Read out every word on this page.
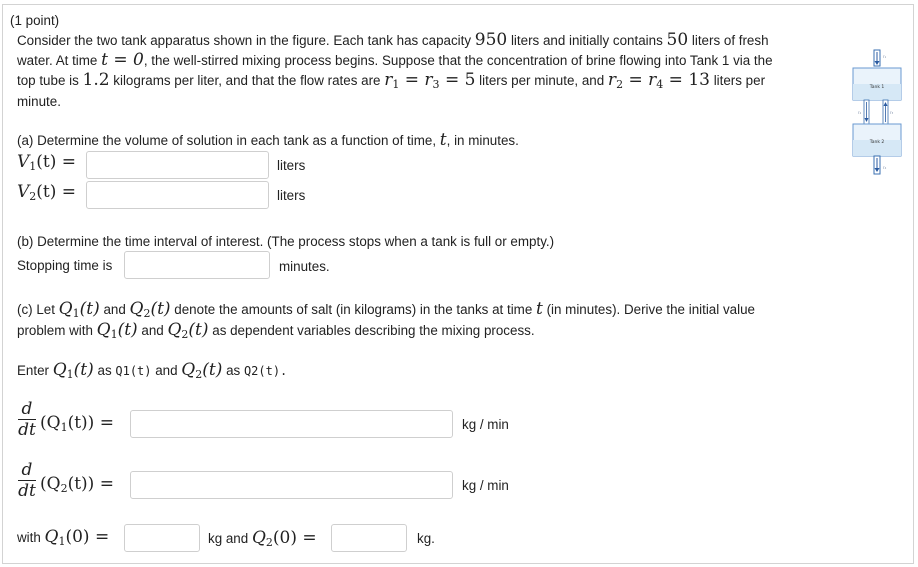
(1 point)
Consider the two tank apparatus shown in the figure. Each tank has capacity 950 liters and initially contains 50 liters of fresh
water. At time t = 0, the well-stirred mixing process begins. Suppose that the concentration of brine flowing into Tank 1 via the
top tube is 1.2 kilograms per liter, and that the flow rates are $r_1 = r_3 = 5$ liters per minute, and $r_2 = r_4 = 13$ liters per
minute.
(a) Determine the volume of solution in each tank as a function of time, t, in minutes.
$V_1(t)$ =	liters
$V_2(t)$ =	liters
(b) Determine the time interval of interest. (The process stops when a tank is full or empty.)
Stopping time is	minutes.
(c) Let $Q_1(t)$ and $Q_2(t)$ denote the amounts of salt (in kilograms) in the tanks at time t (in minutes). Derive the initial value
problem with $Q_1(t)$ and $Q_2(t)$ as dependent variables describing the mixing process.
Enter $Q_1(t)$ as Q1(t) and $Q_2(t)$ as Q2(t).
d
dt $(Q_1(t))$ =	kg / min
d
dt $(Q_2(t))$ =	kg / min
with $Q_1(0)$ =	kg and $Q_2(0)$ =	kg.
r₁
Tank 1
r₂	r₃
Tank 2
r₄
